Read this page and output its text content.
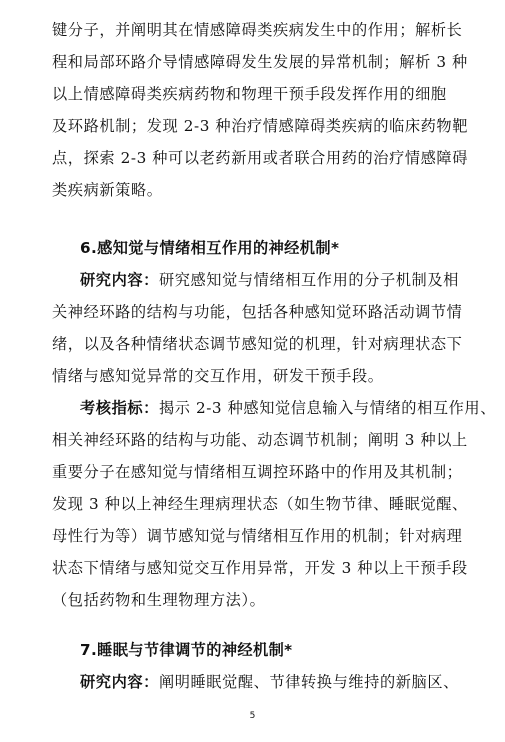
键分子，并阐明其在情感障碍类疾病发生中的作用；解析长
程和局部环路介导情感障碍发生发展的异常机制；解析 3 种
以上情感障碍类疾病药物和物理干预手段发挥作用的细胞
及环路机制；发现 2-3 种治疗情感障碍类疾病的临床药物靶
点，探索 2-3 种可以老药新用或者联合用药的治疗情感障碍
类疾病新策略。
6.感知觉与情绪相互作用的神经机制*
研究内容：研究感知觉与情绪相互作用的分子机制及相
关神经环路的结构与功能，包括各种感知觉环路活动调节情
绪，以及各种情绪状态调节感知觉的机理，针对病理状态下
情绪与感知觉异常的交互作用，研发干预手段。
考核指标：揭示 2-3 种感知觉信息输入与情绪的相互作用、
相关神经环路的结构与功能、动态调节机制；阐明 3 种以上
重要分子在感知觉与情绪相互调控环路中的作用及其机制；
发现 3 种以上神经生理病理状态（如生物节律、睡眠觉醒、
母性行为等）调节感知觉与情绪相互作用的机制；针对病理
状态下情绪与感知觉交互作用异常，开发 3 种以上干预手段
（包括药物和生理物理方法）。
7.睡眠与节律调节的神经机制*
研究内容：阐明睡眠觉醒、节律转换与维持的新脑区、
5
